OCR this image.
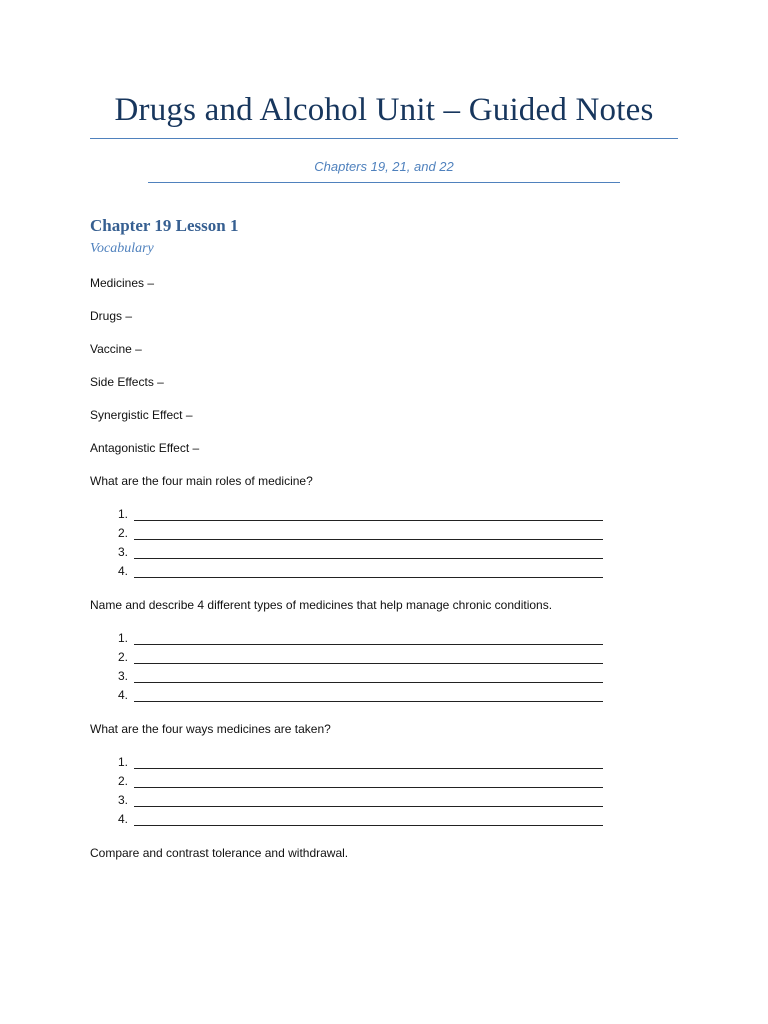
Drugs and Alcohol Unit – Guided Notes
Chapters 19, 21, and 22
Chapter 19 Lesson 1
Vocabulary
Medicines –
Drugs –
Vaccine –
Side Effects –
Synergistic Effect –
Antagonistic Effect –
What are the four main roles of medicine?
1.
2.
3.
4.
Name and describe 4 different types of medicines that help manage chronic conditions.
1.
2.
3.
4.
What are the four ways medicines are taken?
1.
2.
3.
4.
Compare and contrast tolerance and withdrawal.
